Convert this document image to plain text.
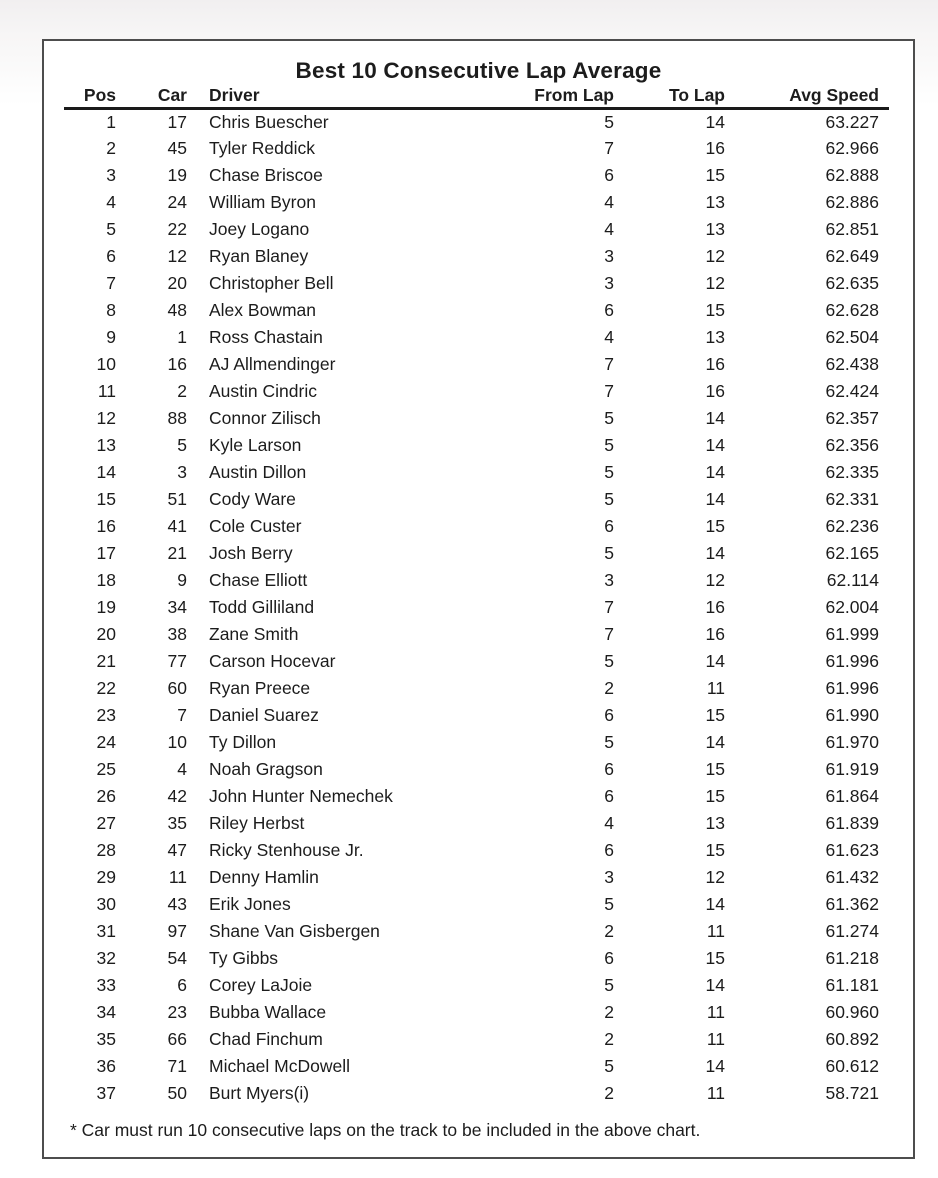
Best 10 Consecutive Lap Average
Pos	Car	Driver	From Lap	To Lap	Avg Speed
1	17	Chris Buescher	5	14	63.227
2	45	Tyler Reddick	7	16	62.966
3	19	Chase Briscoe	6	15	62.888
4	24	William Byron	4	13	62.886
5	22	Joey Logano	4	13	62.851
6	12	Ryan Blaney	3	12	62.649
7	20	Christopher Bell	3	12	62.635
8	48	Alex Bowman	6	15	62.628
9	1	Ross Chastain	4	13	62.504
10	16	AJ Allmendinger	7	16	62.438
11	2	Austin Cindric	7	16	62.424
12	88	Connor Zilisch	5	14	62.357
13	5	Kyle Larson	5	14	62.356
14	3	Austin Dillon	5	14	62.335
15	51	Cody Ware	5	14	62.331
16	41	Cole Custer	6	15	62.236
17	21	Josh Berry	5	14	62.165
18	9	Chase Elliott	3	12	62.114
19	34	Todd Gilliland	7	16	62.004
20	38	Zane Smith	7	16	61.999
21	77	Carson Hocevar	5	14	61.996
22	60	Ryan Preece	2	11	61.996
23	7	Daniel Suarez	6	15	61.990
24	10	Ty Dillon	5	14	61.970
25	4	Noah Gragson	6	15	61.919
26	42	John Hunter Nemechek	6	15	61.864
27	35	Riley Herbst	4	13	61.839
28	47	Ricky Stenhouse Jr.	6	15	61.623
29	11	Denny Hamlin	3	12	61.432
30	43	Erik Jones	5	14	61.362
31	97	Shane Van Gisbergen	2	11	61.274
32	54	Ty Gibbs	6	15	61.218
33	6	Corey LaJoie	5	14	61.181
34	23	Bubba Wallace	2	11	60.960
35	66	Chad Finchum	2	11	60.892
36	71	Michael McDowell	5	14	60.612
37	50	Burt Myers(i)	2	11	58.721
* Car must run 10 consecutive laps on the track to be included in the above chart.
